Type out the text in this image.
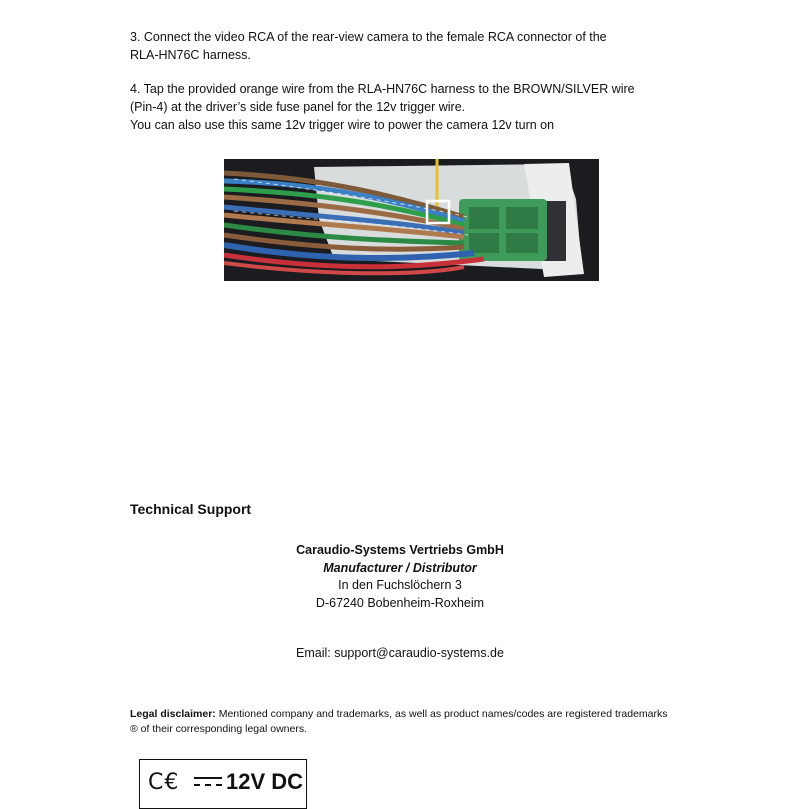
3. Connect the video RCA of the rear-view camera to the female RCA connector of the
RLA-HN76C harness.
4. Tap the provided orange wire from the RLA-HN76C harness to the BROWN/SILVER wire
(Pin-4) at the driver’s side fuse panel for the 12v trigger wire.
You can also use this same 12v trigger wire to power the camera 12v turn on
Technical Support
Caraudio-Systems Vertriebs GmbH
Manufacturer / Distributor
In den Fuchslöchern 3
D-67240 Bobenheim-Roxheim
Email: support@caraudio-systems.de
Legal disclaimer: Mentioned company and trademarks, as well as product names/codes are registered trademarks ® of their corresponding legal owners.
C€ 12V DC
